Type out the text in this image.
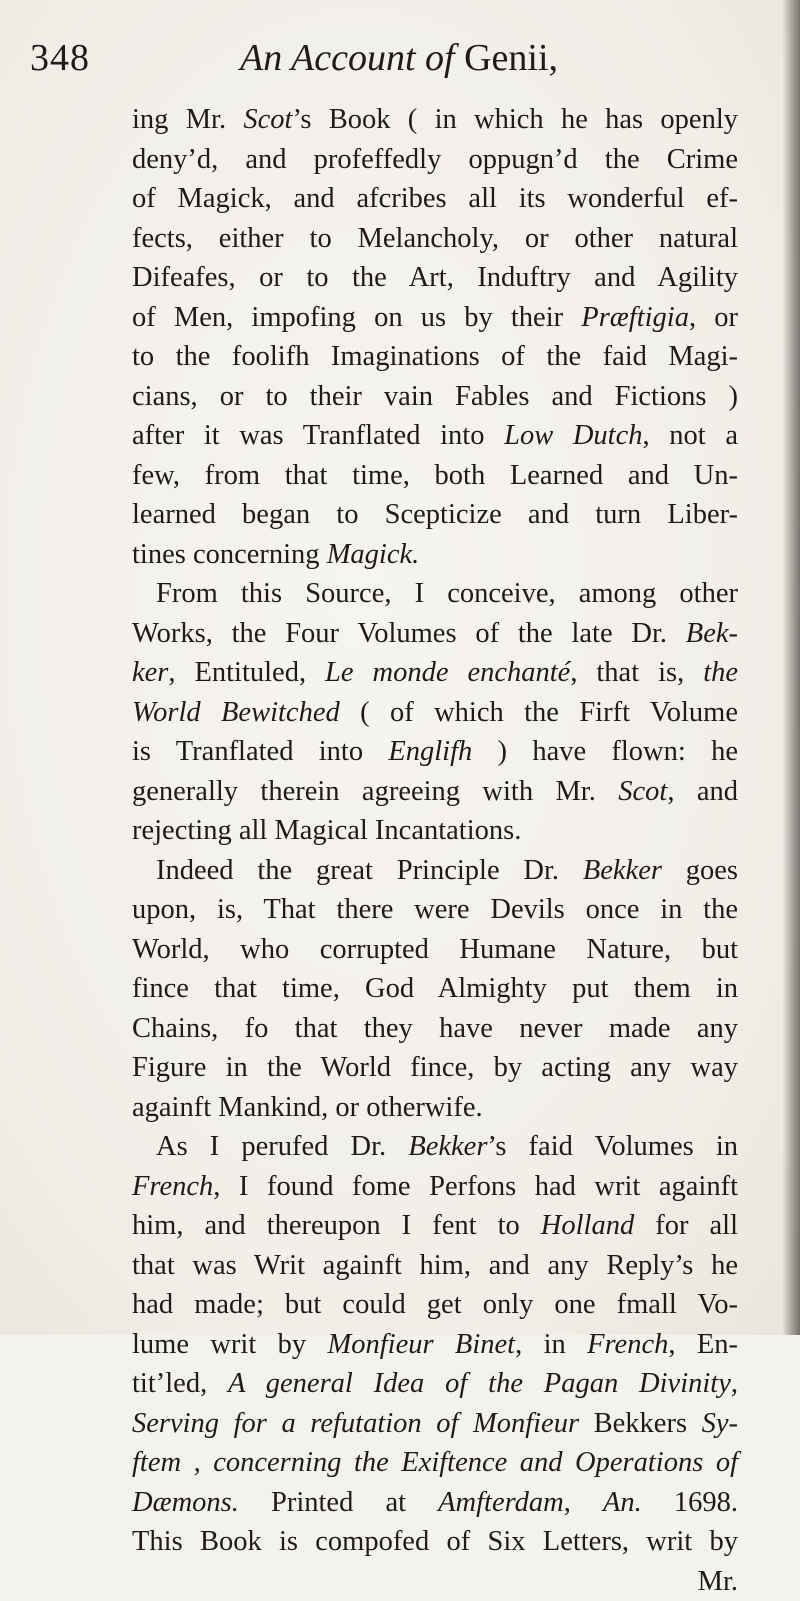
348	An Account of Genii,
ing Mr. Scot’s Book ( in which he has openly
deny’d, and profeffedly oppugn’d the Crime
of Magick, and afcribes all its wonderful ef-
fects, either to Melancholy, or other natural
Difeafes, or to the Art, Induftry and Agility
of Men, impofing on us by their Præftigia, or
to the foolifh Imaginations of the faid Magi-
cians, or to their vain Fables and Fictions )
after it was Tranflated into Low Dutch, not a
few, from that time, both Learned and Un-
learned began to Scepticize and turn Liber-
tines concerning Magick.
From this Source, I conceive, among other
Works, the Four Volumes of the late Dr. Bek-
ker, Entituled, Le monde enchanté, that is, the
World Bewitched ( of which the Firft Volume
is Tranflated into Englifh ) have flown: he
generally therein agreeing with Mr. Scot, and
rejecting all Magical Incantations.
Indeed the great Principle Dr. Bekker goes
upon, is, That there were Devils once in the
World, who corrupted Humane Nature, but
fince that time, God Almighty put them in
Chains, fo that they have never made any
Figure in the World fince, by acting any way
againft Mankind, or otherwife.
As I perufed Dr. Bekker’s faid Volumes in
French, I found fome Perfons had writ againft
him, and thereupon I fent to Holland for all
that was Writ againft him, and any Reply’s he
had made; but could get only one fmall Vo-
lume writ by Monfieur Binet, in French, En-
tit’led, A general Idea of the Pagan Divinity,
Serving for a refutation of Monfieur Bekkers Sy-
ftem , concerning the Exiftence and Operations of
Dæmons. Printed at Amfterdam, An. 1698.
This Book is compofed of Six Letters, writ by
Mr.
